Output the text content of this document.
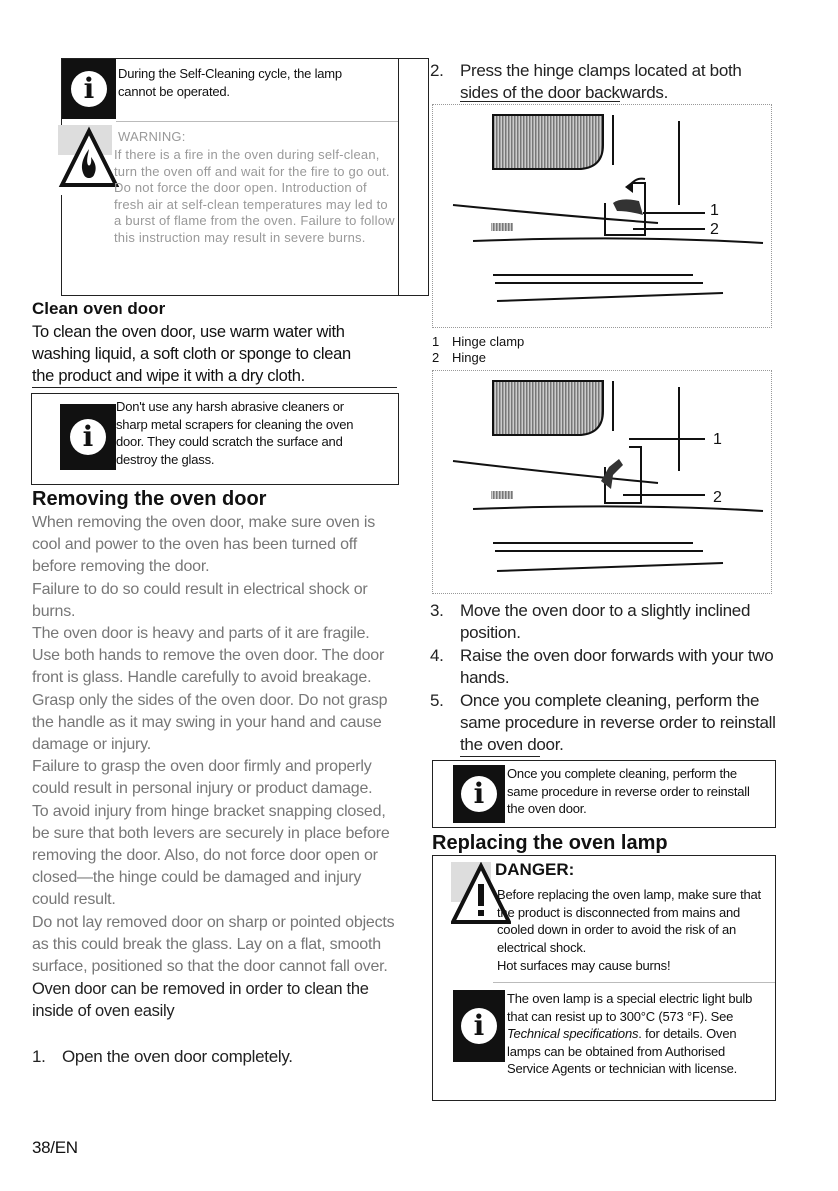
i	During the Self-Cleaning cycle, the lamp cannot be operated.
WARNING:
If there is a fire in the oven during self-clean, turn the oven off and wait for the fire to go out. Do not force the door open. Introduction of fresh air at self-clean temperatures may led to a burst of flame from the oven. Failure to follow this instruction may result in severe burns.
Clean oven door
To clean the oven door, use warm water with washing liquid, a soft cloth or sponge to clean the product and wipe it with a dry cloth.
i
Don't use any harsh abrasive cleaners or sharp metal scrapers for cleaning the oven door. They could scratch the surface and destroy the glass.
Removing the oven door
When removing the oven door, make sure oven is cool and power to the oven has been turned off before removing the door.
Failure to do so could result in electrical shock or burns.
The oven door is heavy and parts of it are fragile. Use both hands to remove the oven door. The door front is glass. Handle carefully to avoid breakage.
Grasp only the sides of the oven door. Do not grasp the handle as it may swing in your hand and cause damage or injury.
Failure to grasp the oven door firmly and properly could result in personal injury or product damage.
To avoid injury from hinge bracket snapping closed, be sure that both levers are securely in place before removing the door. Also, do not force door open or closed—the hinge could be damaged and injury could result.
Do not lay removed door on sharp or pointed objects as this could break the glass. Lay on a flat, smooth surface, positioned so that the door cannot fall over.
Oven door can be removed in order to clean the inside of oven easily
1. Open the oven door completely.
38/EN
2. Press the hinge clamps located at both sides of the door backwards.
1
2
1 Hinge clamp
2 Hinge
1
2
3. Move the oven door to a slightly inclined position.
4. Raise the oven door forwards with your two hands.
5. Once you complete cleaning, perform the same procedure in reverse order to reinstall the oven door.
i
Once you complete cleaning, perform the same procedure in reverse order to reinstall the oven door.
Replacing the oven lamp
DANGER:
Before replacing the oven lamp, make sure that the product is disconnected from mains and cooled down in order to avoid the risk of an electrical shock.
Hot surfaces may cause burns!
i
The oven lamp is a special electric light bulb that can resist up to 300°C (573 °F). See Technical specifications. for details. Oven lamps can be obtained from Authorised Service Agents or technician with license.
